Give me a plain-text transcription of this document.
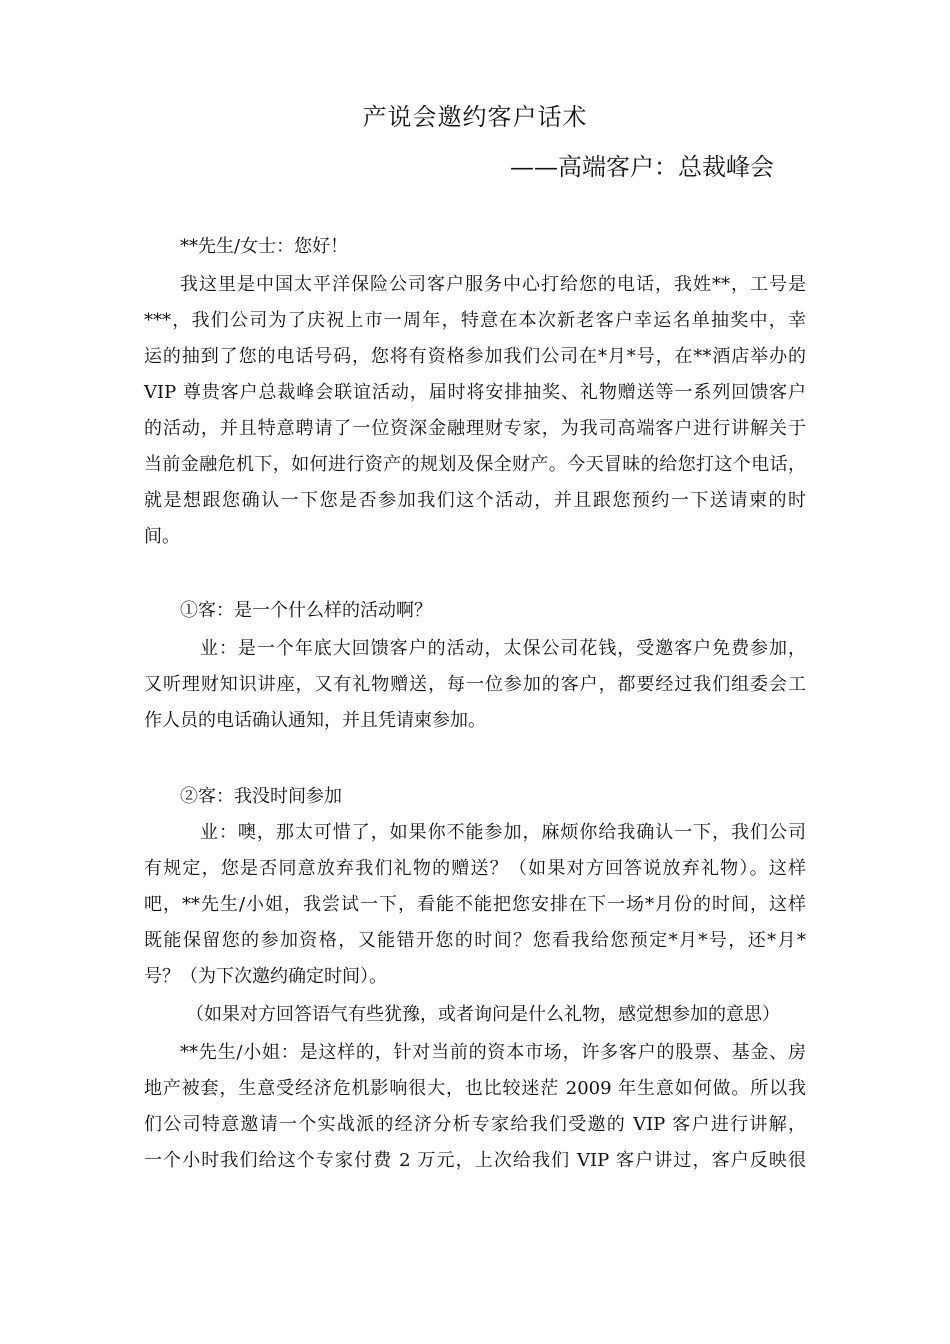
产说会邀约客户话术
——高端客户：总裁峰会
**先生/女士：您好！
我这里是中国太平洋保险公司客户服务中心打给您的电话，我姓**，工号是
***，我们公司为了庆祝上市一周年，特意在本次新老客户幸运名单抽奖中，幸
运的抽到了您的电话号码，您将有资格参加我们公司在*月*号，在**酒店举办的
VIP 尊贵客户总裁峰会联谊活动，届时将安排抽奖、礼物赠送等一系列回馈客户
的活动，并且特意聘请了一位资深金融理财专家，为我司高端客户进行讲解关于
当前金融危机下，如何进行资产的规划及保全财产。今天冒昧的给您打这个电话，
就是想跟您确认一下您是否参加我们这个活动，并且跟您预约一下送请柬的时
间。
①客：是一个什么样的活动啊？
业：是一个年底大回馈客户的活动，太保公司花钱，受邀客户免费参加，
又听理财知识讲座，又有礼物赠送，每一位参加的客户，都要经过我们组委会工
作人员的电话确认通知，并且凭请柬参加。
②客：我没时间参加
业：噢，那太可惜了，如果你不能参加，麻烦你给我确认一下，我们公司
有规定，您是否同意放弃我们礼物的赠送？（如果对方回答说放弃礼物）。这样
吧，**先生/小姐，我尝试一下，看能不能把您安排在下一场*月份的时间，这样
既能保留您的参加资格，又能错开您的时间？您看我给您预定*月*号，还*月*
号？（为下次邀约确定时间）。
（如果对方回答语气有些犹豫，或者询问是什么礼物，感觉想参加的意思）
**先生/小姐：是这样的，针对当前的资本市场，许多客户的股票、基金、房
地产被套，生意受经济危机影响很大，也比较迷茫 2009 年生意如何做。所以我
们公司特意邀请一个实战派的经济分析专家给我们受邀的 VIP 客户进行讲解，
一个小时我们给这个专家付费 2 万元，上次给我们 VIP 客户讲过，客户反映很
